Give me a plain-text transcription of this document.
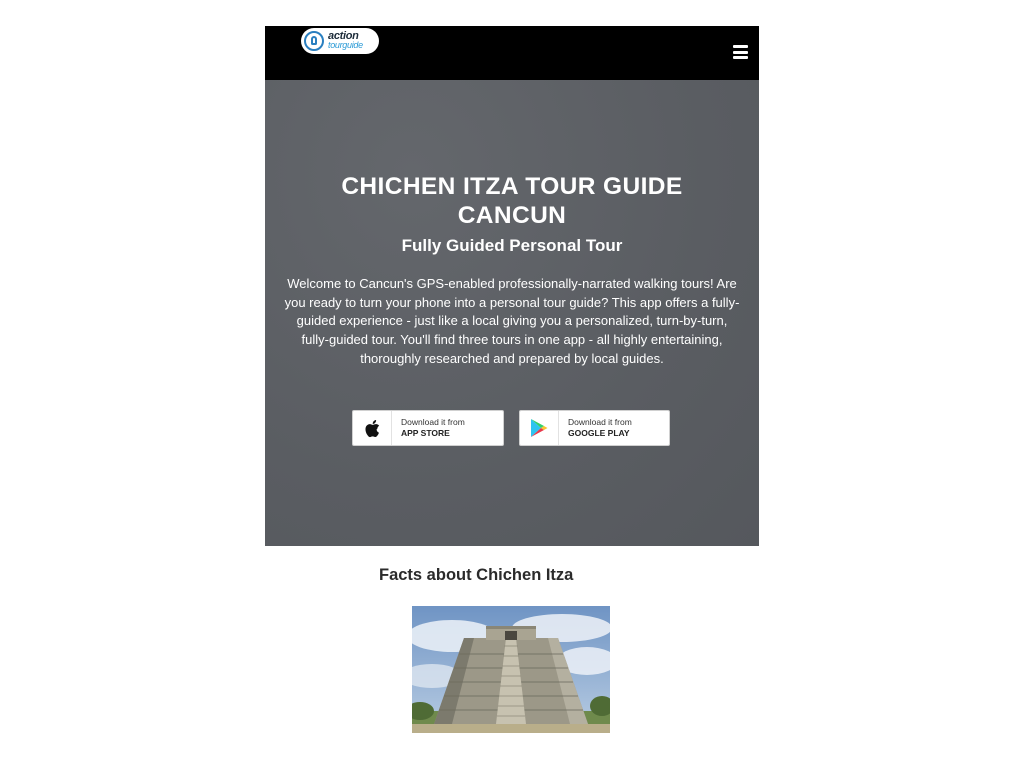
action
tourguide
CHICHEN ITZA TOUR GUIDE
CANCUN
Fully Guided Personal Tour

Welcome to Cancun's GPS-enabled professionally-narrated walking tours! Are you ready to turn your phone into a personal tour guide? This app offers a fully-guided experience - just like a local giving you a personalized, turn-by-turn, fully-guided tour. You'll find three tours in one app - all highly entertaining, thoroughly researched and prepared by local guides.

Download it from
APP STORE
Download it from
GOOGLE PLAY
Facts about Chichen Itza
